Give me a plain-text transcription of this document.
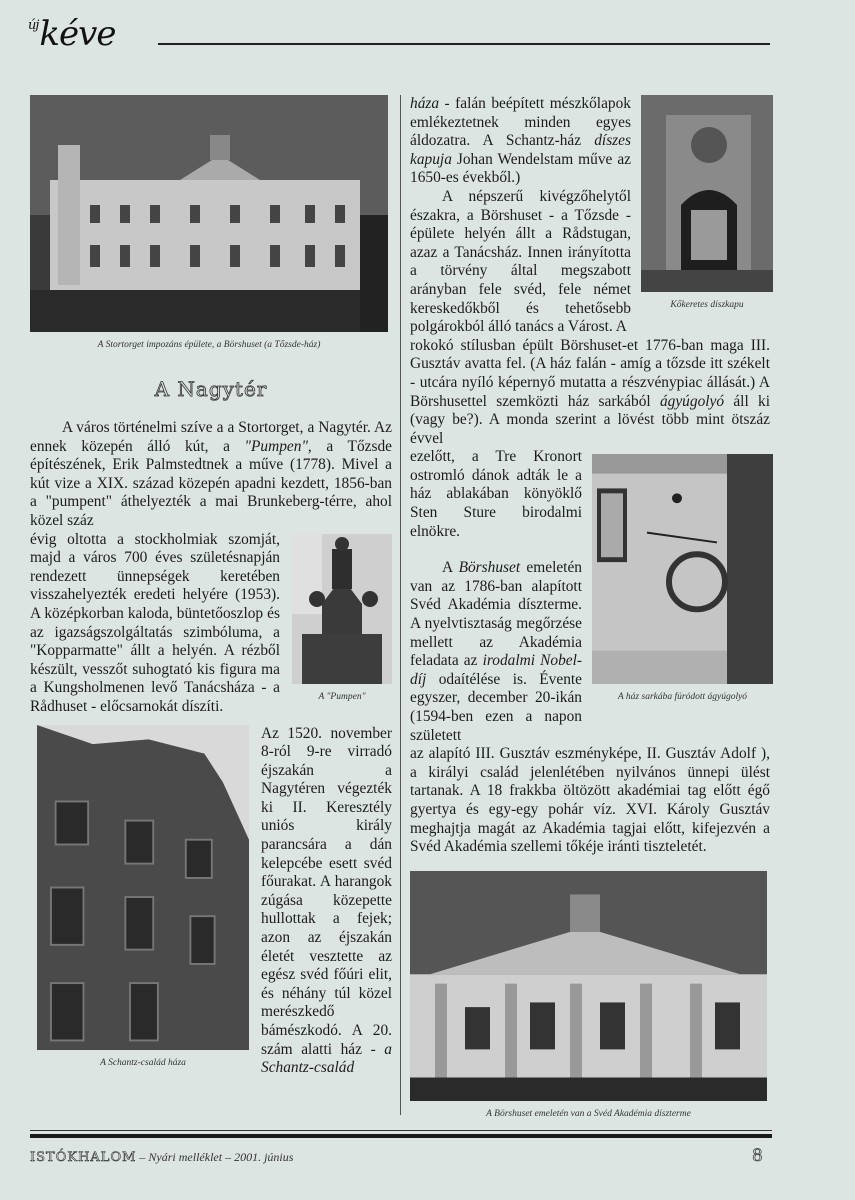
$^{új}$kéve
A Stortorget impozáns épülete, a Börshuset (a Tőzsde-ház)
A Nagytér

A város történelmi szíve a a Stortorget, a Nagytér. Az ennek közepén álló kút, a "Pumpen", a Tőzsde építészének, Erik Palmstedtnek a műve (1778). Mivel a kút vize a XIX. század közepén apadni kezdett, 1856-ban a "pumpent" áthelyezték a mai Brunkeberg-térre, ahol közel száz

A "Pumpen"

évig oltotta a stockholmiak szomját, majd a város 700 éves születésnapján rendezett ünnepségek keretében visszahelyezték eredeti helyére (1953). A középkorban kaloda, büntetőoszlop és az igazságszolgáltatás szimbóluma, a "Kopparmatte" állt a helyén. A rézből készült, vesszőt suhogtató kis figura ma a Kungsholmenen levő Tanácsháza - a Rådhuset - előcsarnokát díszíti.

A Schantz-család háza

Az 1520. november 8-ról 9-re virradó éjszakán a Nagytéren végezték ki II. Keresztély uniós király parancsára a dán kelepcébe esett svéd főurakat. A harangok zúgása közepette hullottak a fejek; azon az éjszakán életét vesztette az egész svéd főúri elit, és néhány túl közel merészkedő bámészkodó. A 20. szám alatti ház - a Schantz-család

Kőkeretes díszkapu

háza - falán beépített mészkőlapok emlékeztetnek minden egyes áldozatra. A Schantz-ház díszes kapuja Johan Wendelstam műve az 1650-es évekből.)

A népszerű kivégzőhelytől északra, a Börshuset - a Tőzsde - épülete helyén állt a Rådstugan, azaz a Tanácsház. Innen irányította a törvény által megszabott arányban fele svéd, fele német kereskedőkből és tehetősebb polgárokból álló tanács a Várost. A

rokokó stílusban épült Börshuset-et 1776-ban maga III. Gusztáv avatta fel. (A ház falán - amíg a tőzsde itt székelt - utcára nyíló képernyő mutatta a részvénypiac állását.) A Börshusettel szemközti ház sarkából ágyúgolyó áll ki (vagy be?). A monda szerint a lövést több mint ötszáz évvel

A ház sarkába fúródott ágyúgolyó

ezelőtt, a Tre Kronort ostromló dánok adták le a ház ablakában könyöklő Sten Sture birodalmi elnökre.

A Börshuset emeletén van az 1786-ban alapított Svéd Akadémia díszterme. A nyelvtisztaság megőrzése mellett az Akadémia feladata az irodalmi Nobel-díj odaítélése is. Évente egyszer, december 20-ikán (1594-ben ezen a napon született

az alapító III. Gusztáv eszményképe, II. Gusztáv Adolf ), a királyi család jelenlétében nyilvános ünnepi ülést tartanak. A 18 frakkba öltözött akadémiai tag előtt égő gyertya és egy-egy pohár víz. XVI. Károly Gusztáv meghajtja magát az Akadémia tagjai előtt, kifejezvén a Svéd Akadémia szellemi tőkéje iránti tiszteletét.

A Börshuset emeletén van a Svéd Akadémia díszterme
ISTÓKHALOM – Nyári melléklet – 2001. június	8
